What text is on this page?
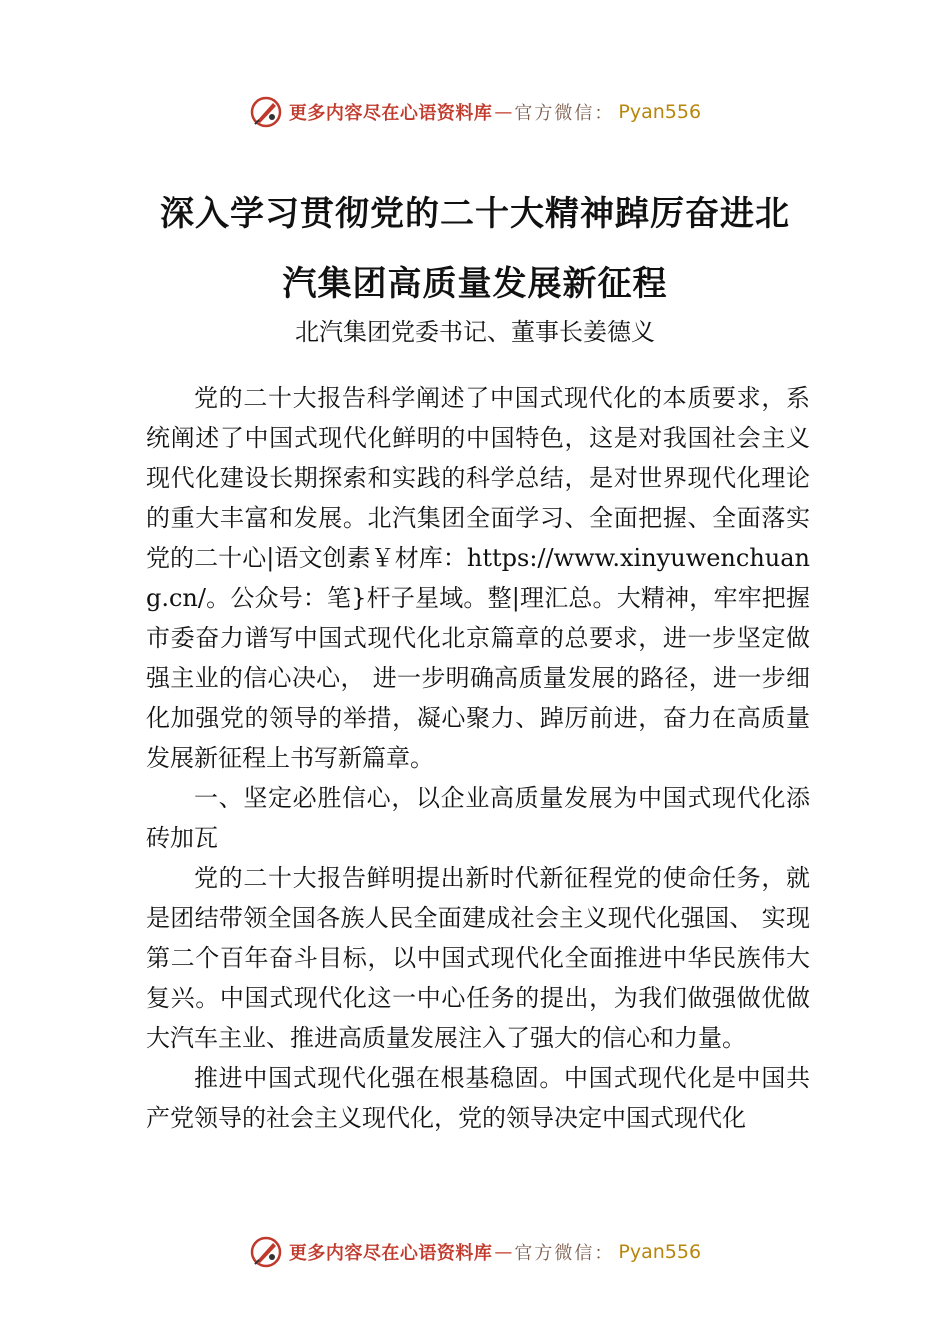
更多内容尽在心语资料库 — 官方微信： Pyan556
深入学习贯彻党的二十大精神踔厉奋进北
汽集团高质量发展新征程
北汽集团党委书记、董事长姜德义

党的二十大报告科学阐述了中国式现代化的本质要求，系统阐述了中国式现代化鲜明的中国特色，这是对我国社会主义现代化建设长期探索和实践的科学总结，是对世界现代化理论的重大丰富和发展。北汽集团全面学习、全面把握、全面落实党的二十心|语文创素￥材库：https://www.xinyuwenchuang.cn/。公众号：笔}杆子星域。整|理汇总。大精神，牢牢把握市委奋力谱写中国式现代化北京篇章的总要求，进一步坚定做强主业的信心决心， 进一步明确高质量发展的路径，进一步细化加强党的领导的举措，凝心聚力、踔厉前进，奋力在高质量发展新征程上书写新篇章。

一、坚定必胜信心，以企业高质量发展为中国式现代化添砖加瓦

党的二十大报告鲜明提出新时代新征程党的使命任务，就是团结带领全国各族人民全面建成社会主义现代化强国、 实现第二个百年奋斗目标，以中国式现代化全面推进中华民族伟大复兴。中国式现代化这一中心任务的提出，为我们做强做优做大汽车主业、推进高质量发展注入了强大的信心和力量。

推进中国式现代化强在根基稳固。中国式现代化是中国共产党领导的社会主义现代化，党的领导决定中国式现代化

更多内容尽在心语资料库 — 官方微信： Pyan556
